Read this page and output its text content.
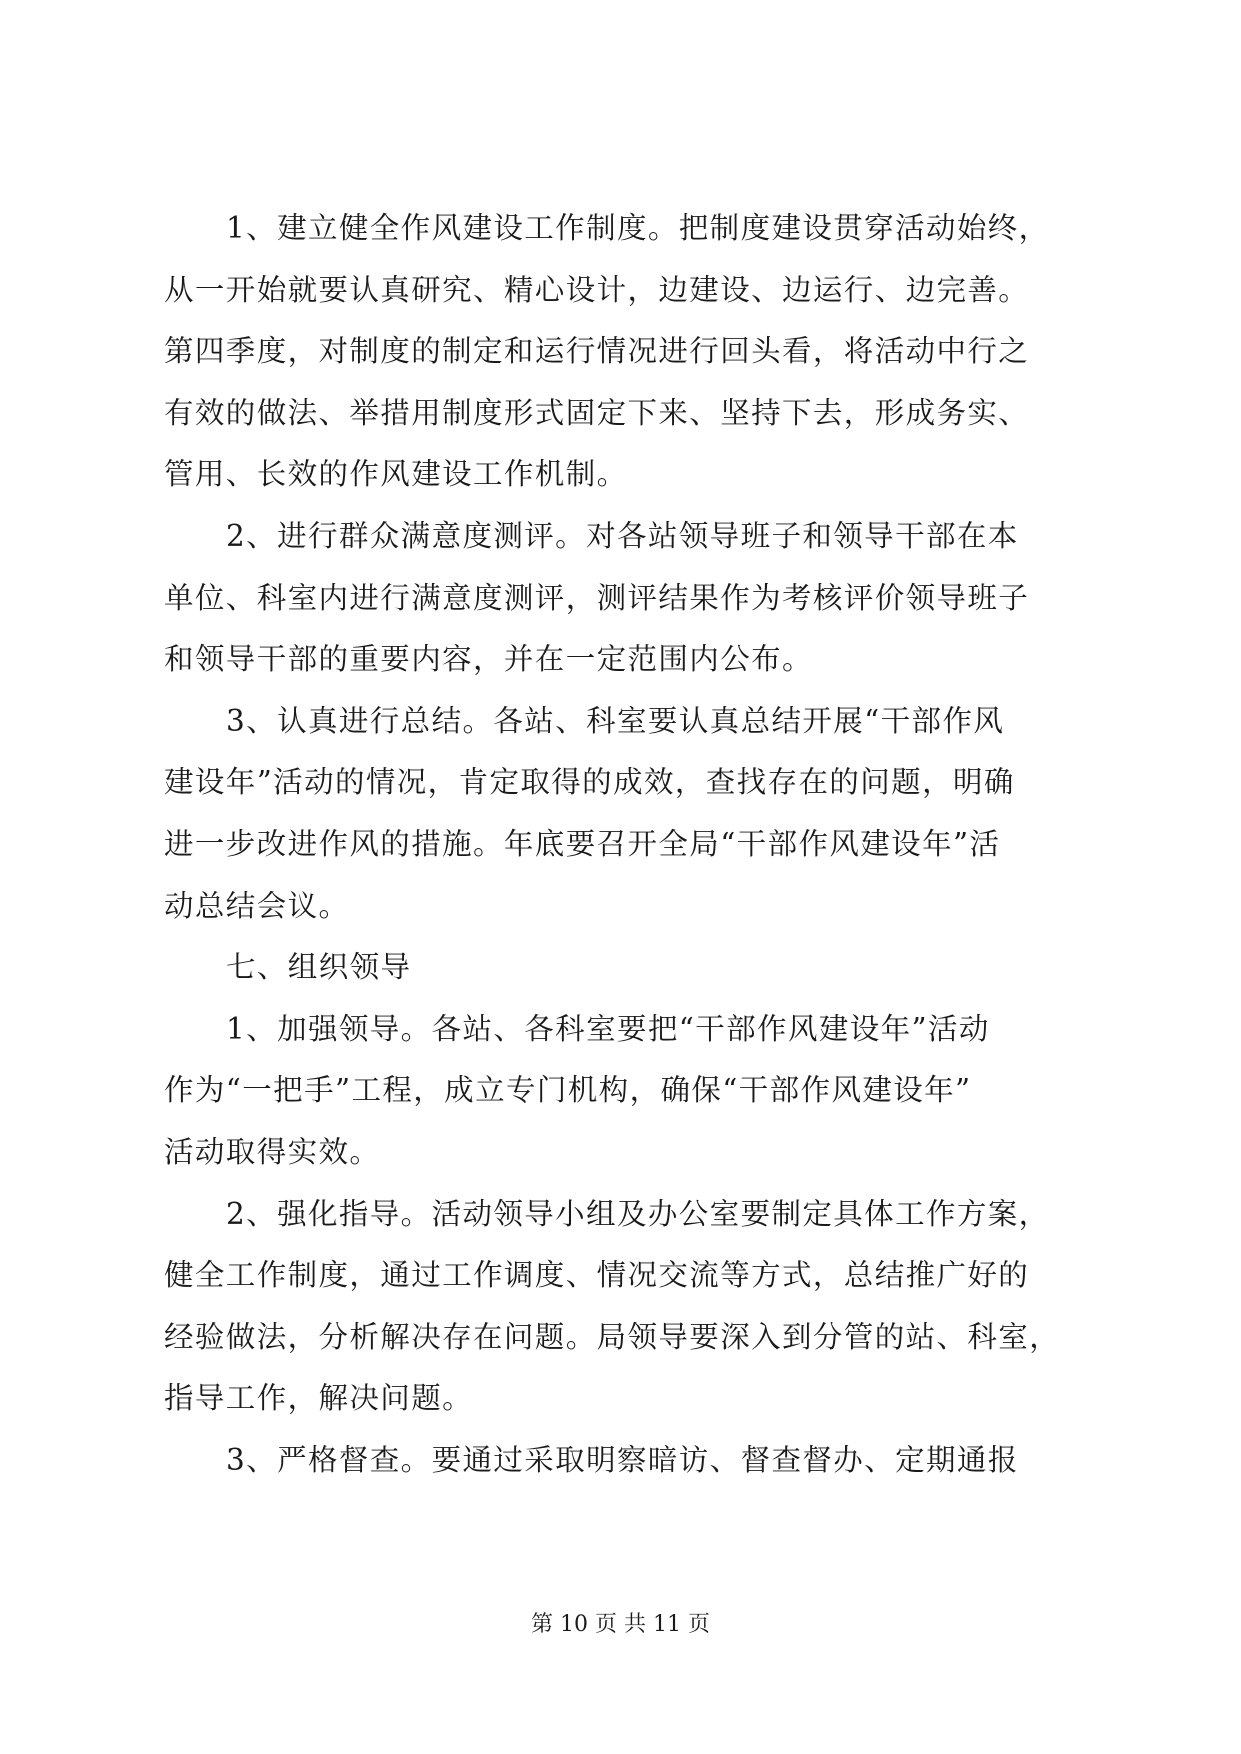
1、建立健全作风建设工作制度。把制度建设贯穿活动始终，
从一开始就要认真研究、精心设计，边建设、边运行、边完善。
第四季度，对制度的制定和运行情况进行回头看，将活动中行之
有效的做法、举措用制度形式固定下来、坚持下去，形成务实、
管用、长效的作风建设工作机制。
2、进行群众满意度测评。对各站领导班子和领导干部在本
单位、科室内进行满意度测评，测评结果作为考核评价领导班子
和领导干部的重要内容，并在一定范围内公布。
3、认真进行总结。各站、科室要认真总结开展“干部作风
建设年”活动的情况，肯定取得的成效，查找存在的问题，明确
进一步改进作风的措施。年底要召开全局“干部作风建设年”活
动总结会议。
七、组织领导
1、加强领导。各站、各科室要把“干部作风建设年”活动
作为“一把手”工程，成立专门机构，确保“干部作风建设年”
活动取得实效。
2、强化指导。活动领导小组及办公室要制定具体工作方案，
健全工作制度，通过工作调度、情况交流等方式，总结推广好的
经验做法，分析解决存在问题。局领导要深入到分管的站、科室，
指导工作，解决问题。
3、严格督查。要通过采取明察暗访、督查督办、定期通报
第 10 页 共 11 页
